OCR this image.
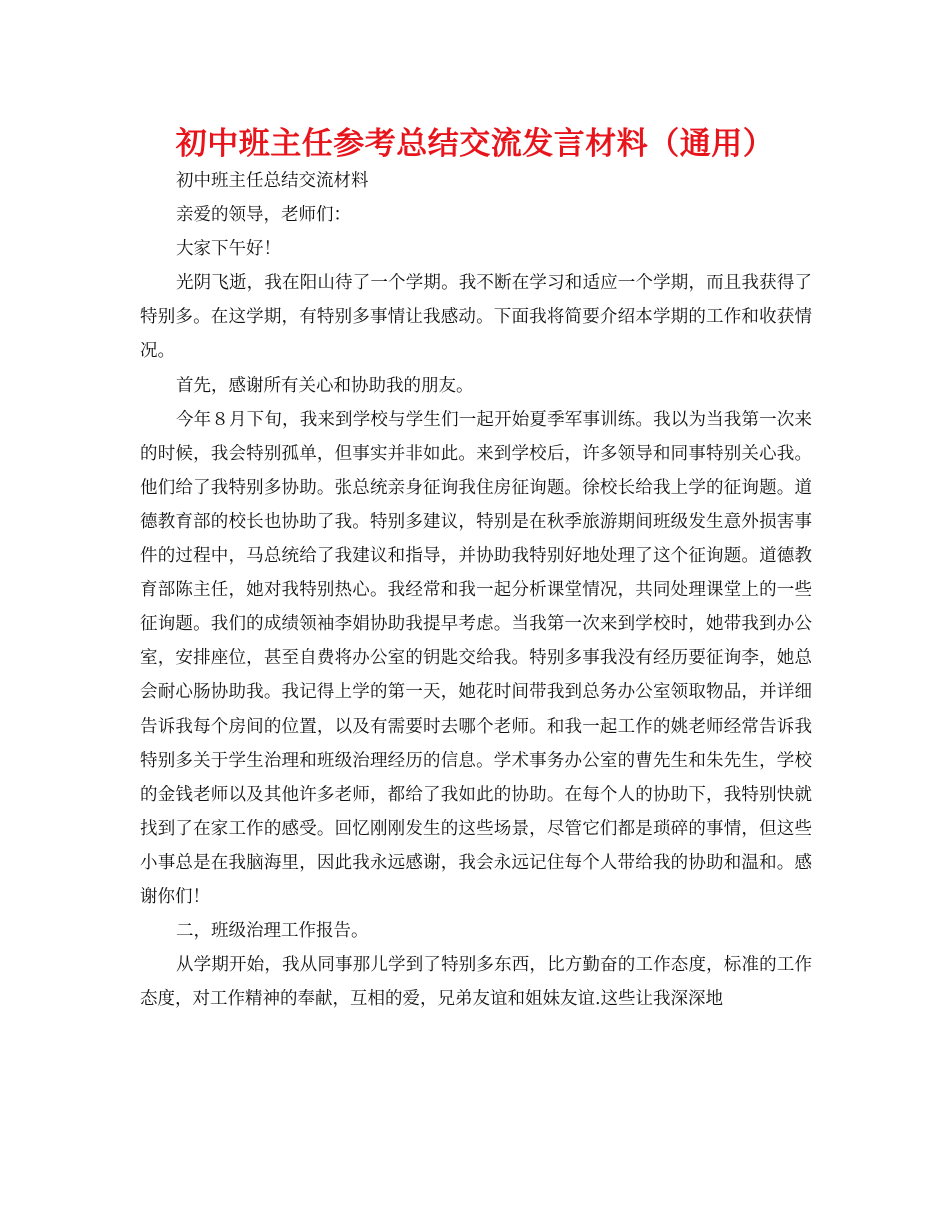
初中班主任参考总结交流发言材料（通用）

初中班主任总结交流材料

亲爱的领导，老师们：

大家下午好！

光阴飞逝，我在阳山待了一个学期。我不断在学习和适应一个学期，而且我获得了特别多。在这学期，有特别多事情让我感动。下面我将简要介绍本学期的工作和收获情况。

首先，感谢所有关心和协助我的朋友。

今年８月下旬，我来到学校与学生们一起开始夏季军事训练。我以为当我第一次来的时候，我会特别孤单，但事实并非如此。来到学校后，许多领导和同事特别关心我。他们给了我特别多协助。张总统亲身征询我住房征询题。徐校长给我上学的征询题。道德教育部的校长也协助了我。特别多建议，特别是在秋季旅游期间班级发生意外损害事件的过程中，马总统给了我建议和指导，并协助我特别好地处理了这个征询题。道德教育部陈主任，她对我特别热心。我经常和我一起分析课堂情况，共同处理课堂上的一些征询题。我们的成绩领袖李娟协助我提早考虑。当我第一次来到学校时，她带我到办公室，安排座位，甚至自费将办公室的钥匙交给我。特别多事我没有经历要征询李，她总会耐心肠协助我。我记得上学的第一天，她花时间带我到总务办公室领取物品，并详细告诉我每个房间的位置，以及有需要时去哪个老师。和我一起工作的姚老师经常告诉我特别多关于学生治理和班级治理经历的信息。学术事务办公室的曹先生和朱先生，学校的金钱老师以及其他许多老师，都给了我如此的协助。在每个人的协助下，我特别快就找到了在家工作的感受。回忆刚刚发生的这些场景，尽管它们都是琐碎的事情，但这些小事总是在我脑海里，因此我永远感谢，我会永远记住每个人带给我的协助和温和。感谢你们！

二，班级治理工作报告。

从学期开始，我从同事那儿学到了特别多东西，比方勤奋的工作态度，标准的工作态度，对工作精神的奉献，互相的爱，兄弟友谊和姐妹友谊.这些让我深深地
